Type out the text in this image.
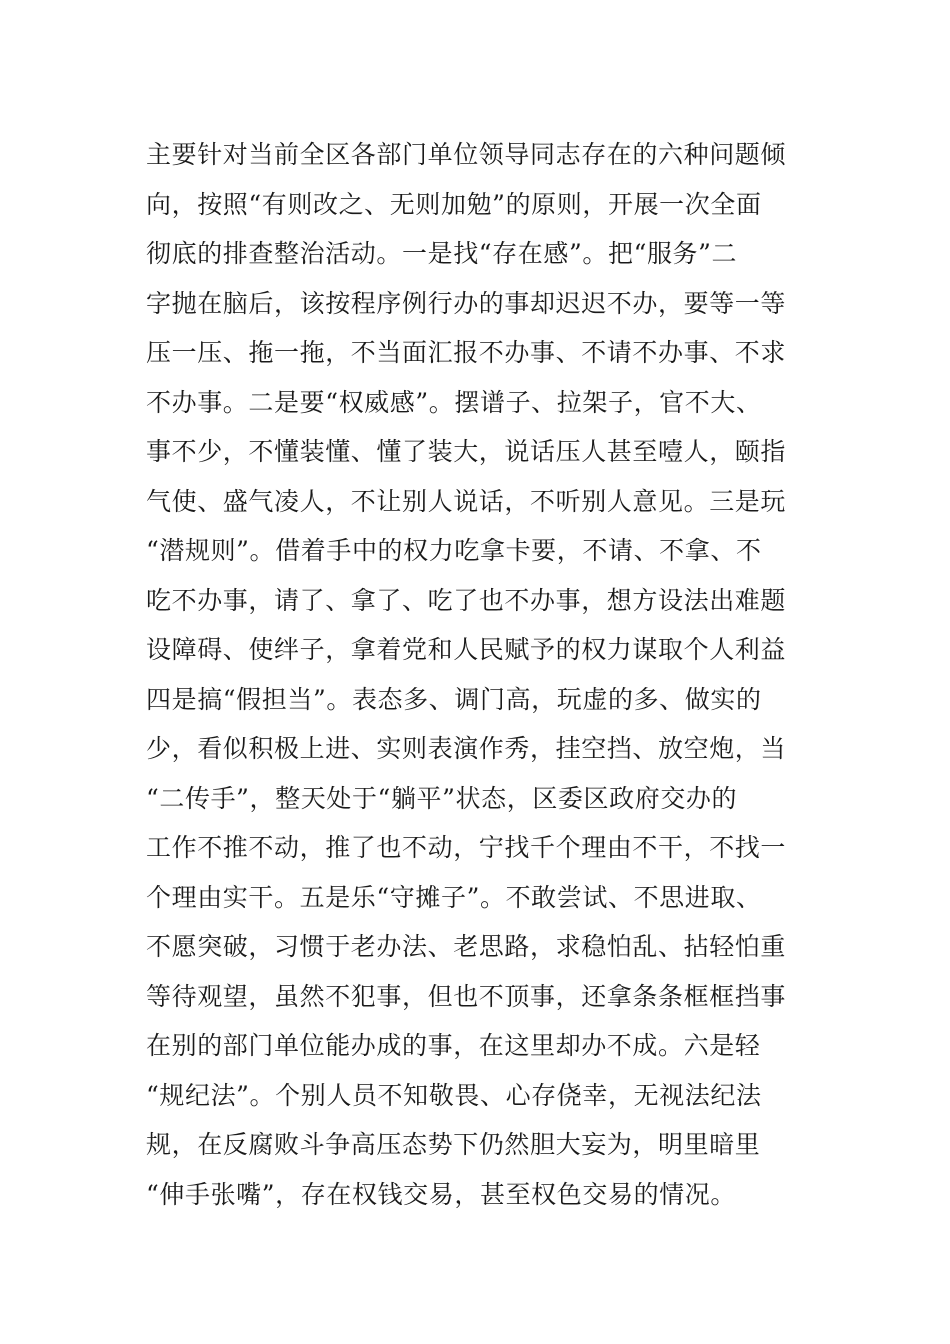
主要针对当前全区各部门单位领导同志存在的六种问题倾
向，按照“有则改之、无则加勉”的原则，开展一次全面
彻底的排查整治活动。一是找“存在感”。把“服务”二
字抛在脑后，该按程序例行办的事却迟迟不办，要等一等
压一压、拖一拖，不当面汇报不办事、不请不办事、不求
不办事。二是要“权威感”。摆谱子、拉架子，官不大、
事不少，不懂装懂、懂了装大，说话压人甚至噎人，颐指
气使、盛气凌人，不让别人说话，不听别人意见。三是玩
“潜规则”。借着手中的权力吃拿卡要，不请、不拿、不
吃不办事，请了、拿了、吃了也不办事，想方设法出难题
设障碍、使绊子，拿着党和人民赋予的权力谋取个人利益
四是搞“假担当”。表态多、调门高，玩虚的多、做实的
少，看似积极上进、实则表演作秀，挂空挡、放空炮，当
“二传手”，整天处于“躺平”状态，区委区政府交办的
工作不推不动，推了也不动，宁找千个理由不干，不找一
个理由实干。五是乐“守摊子”。不敢尝试、不思进取、
不愿突破，习惯于老办法、老思路，求稳怕乱、拈轻怕重
等待观望，虽然不犯事，但也不顶事，还拿条条框框挡事
在别的部门单位能办成的事，在这里却办不成。六是轻
“规纪法”。个别人员不知敬畏、心存侥幸，无视法纪法
规，在反腐败斗争高压态势下仍然胆大妄为，明里暗里
“伸手张嘴”，存在权钱交易，甚至权色交易的情况。
